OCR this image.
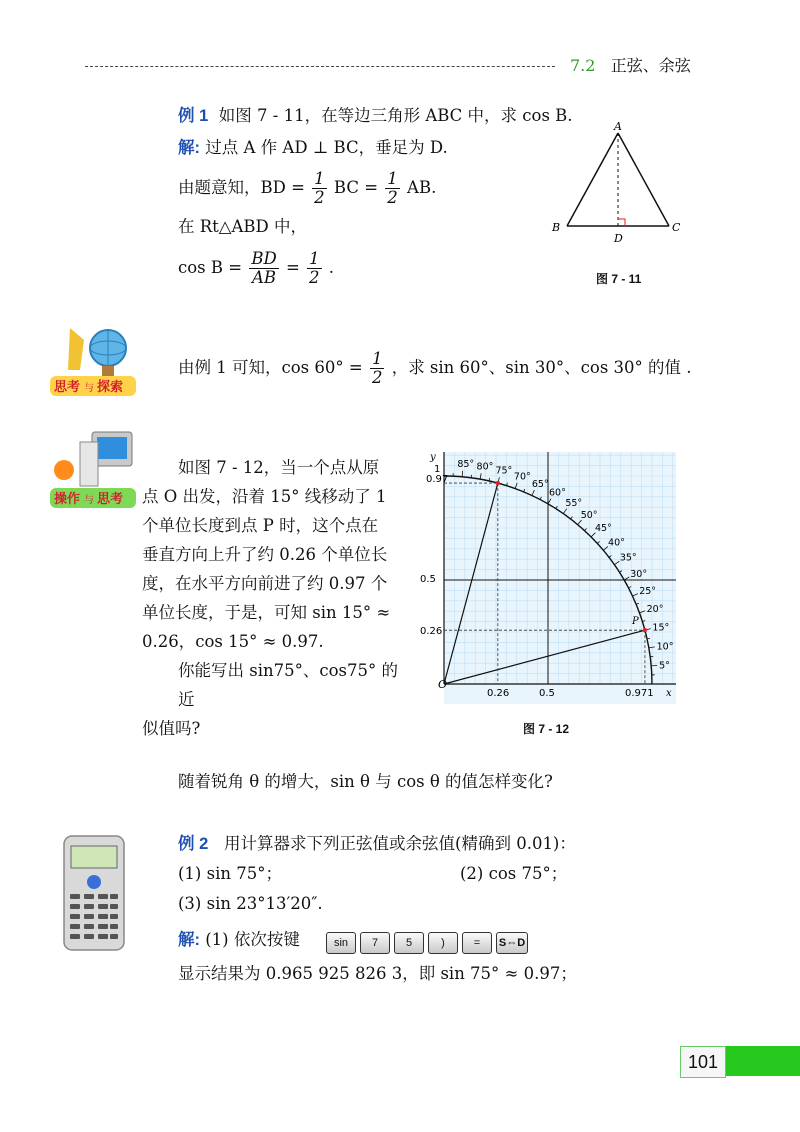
7.2 正弦、余弦
例 1 如图 7 - 11，在等边三角形 ABC 中，求 cos B.
解: 过点 A 作 AD ⊥ BC，垂足为 D.
由题意知，BD = $\frac{1}{2}$ BC = $\frac{1}{2}$ AB.
在 Rt△ABD 中，
$\cos B = \frac{BD}{AB} = \frac{1}{2}$ .
A
B	C
D
图 7 - 11
思考 与 探索
由例 1 可知，$\cos 60^\circ = \frac{1}{2}$ ，求 sin 60°、sin 30°、cos 30° 的值 .
操作 与 思考
如图 7 - 12，当一个点从原
点 O 出发，沿着 15° 线移动了 1
个单位长度到点 P 时，这个点在
垂直方向上升了约 0.26 个单位长
度，在水平方向前进了约 0.97 个
单位长度，于是，可知 sin 15° ≈
0.26，cos 15° ≈ 0.97.
你能写出 sin75°、cos75° 的近
似值吗?
5°
10°
15°
20°
25°
30°
35°
40°
45°
50°
55°
60°
65°
70°
75°
80°
85°
O
x
y
0.97
1
0.5
0.26
0.26	0.5	0.971
P
图 7 - 12
随着锐角 θ 的增大，sin θ 与 cos θ 的值怎样变化?
例 2 用计算器求下列正弦值或余弦值(精确到 0.01)：
(1) sin 75°；	(2) cos 75°；
(3) sin 23°13′20″.
解: (1) 依次按键	sin 7	5	)	= S⇔D
显示结果为 0.965 925 826 3，即 sin 75° ≈ 0.97；
101
